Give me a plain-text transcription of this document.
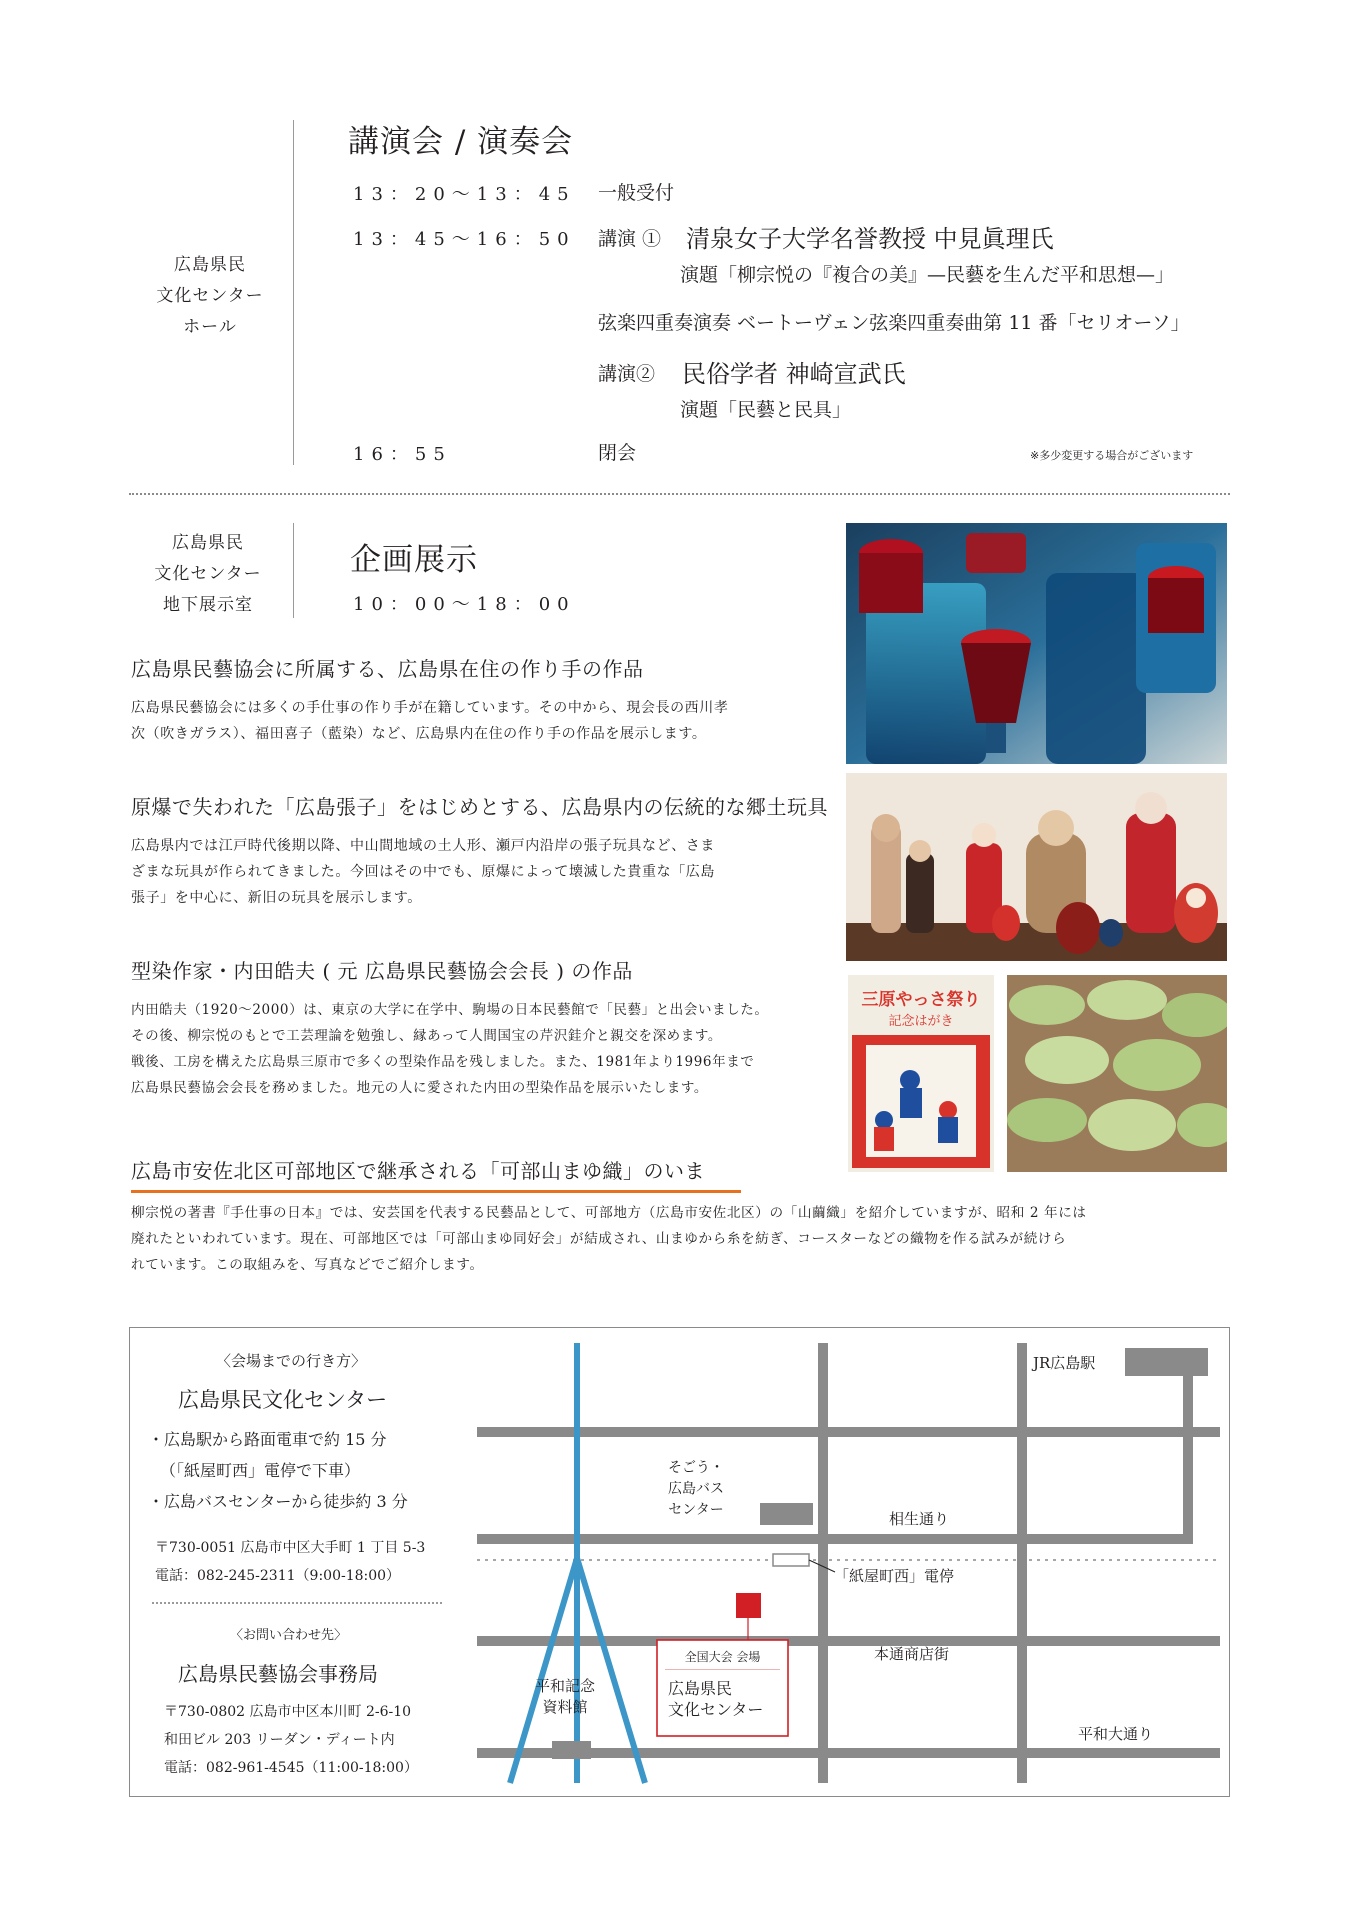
広島県民
文化センター
ホール
講演会 / 演奏会
13：20〜13：45 一般受付
13：45〜16：50 講演 ① 清泉女子大学名誉教授 中見眞理氏
演題「柳宗悦の『複合の美』—民藝を生んだ平和思想—」
弦楽四重奏演奏 ベートーヴェン弦楽四重奏曲第 11 番「セリオーソ」
講演② 民俗学者 神崎宣武氏
演題「民藝と民具」
16：55	閉会	※多少変更する場合がございます
広島県民
文化センター
地下展示室
企画展示
10：00〜18：00
広島県民藝協会に所属する、広島県在住の作り手の作品
広島県民藝協会には多くの手仕事の作り手が在籍しています。その中から、現会長の西川孝
次（吹きガラス）、福田喜子（藍染）など、広島県内在住の作り手の作品を展示します。
原爆で失われた「広島張子」をはじめとする、広島県内の伝統的な郷土玩具
広島県内では江戸時代後期以降、中山間地域の土人形、瀬戸内沿岸の張子玩具など、さま
ざまな玩具が作られてきました。今回はその中でも、原爆によって壊滅した貴重な「広島
張子」を中心に、新旧の玩具を展示します。
型染作家・内田皓夫 ( 元 広島県民藝協会会長 ) の作品
内田皓夫（1920〜2000）は、東京の大学に在学中、駒場の日本民藝館で「民藝」と出会いました。
その後、柳宗悦のもとで工芸理論を勉強し、縁あって人間国宝の芹沢銈介と親交を深めます。
戦後、工房を構えた広島県三原市で多くの型染作品を残しました。また、1981年より1996年まで
広島県民藝協会会長を務めました。地元の人に愛された内田の型染作品を展示いたします。
広島市安佐北区可部地区で継承される「可部山まゆ織」のいま
柳宗悦の著書『手仕事の日本』では、安芸国を代表する民藝品として、可部地方（広島市安佐北区）の「山繭織」を紹介していますが、昭和 2 年には
廃れたといわれています。現在、可部地区では「可部山まゆ同好会」が結成され、山まゆから糸を紡ぎ、コースターなどの織物を作る試みが続けら
れています。この取組みを、写真などでご紹介します。
三原やっさ祭り
記念はがき
〈会場までの行き方〉
広島県民文化センター
・広島駅から路面電車で約 15 分
（「紙屋町西」電停で下車）
・広島バスセンターから徒歩約 3 分
〒730-0051 広島市中区大手町 1 丁目 5-3
電話：082-245-2311（9:00-18:00）
〈お問い合わせ先〉
広島県民藝協会事務局
〒730-0802 広島市中区本川町 2-6-10
和田ビル 203 リーダン・ディート内
電話：082-961-4545（11:00-18:00）
JR広島駅
そごう・
広島バス
センター	相生通り
「紙屋町西」電停
本通商店街
全国大会 会場
広島県民
文化センター
平和記念
資料館
平和大通り
